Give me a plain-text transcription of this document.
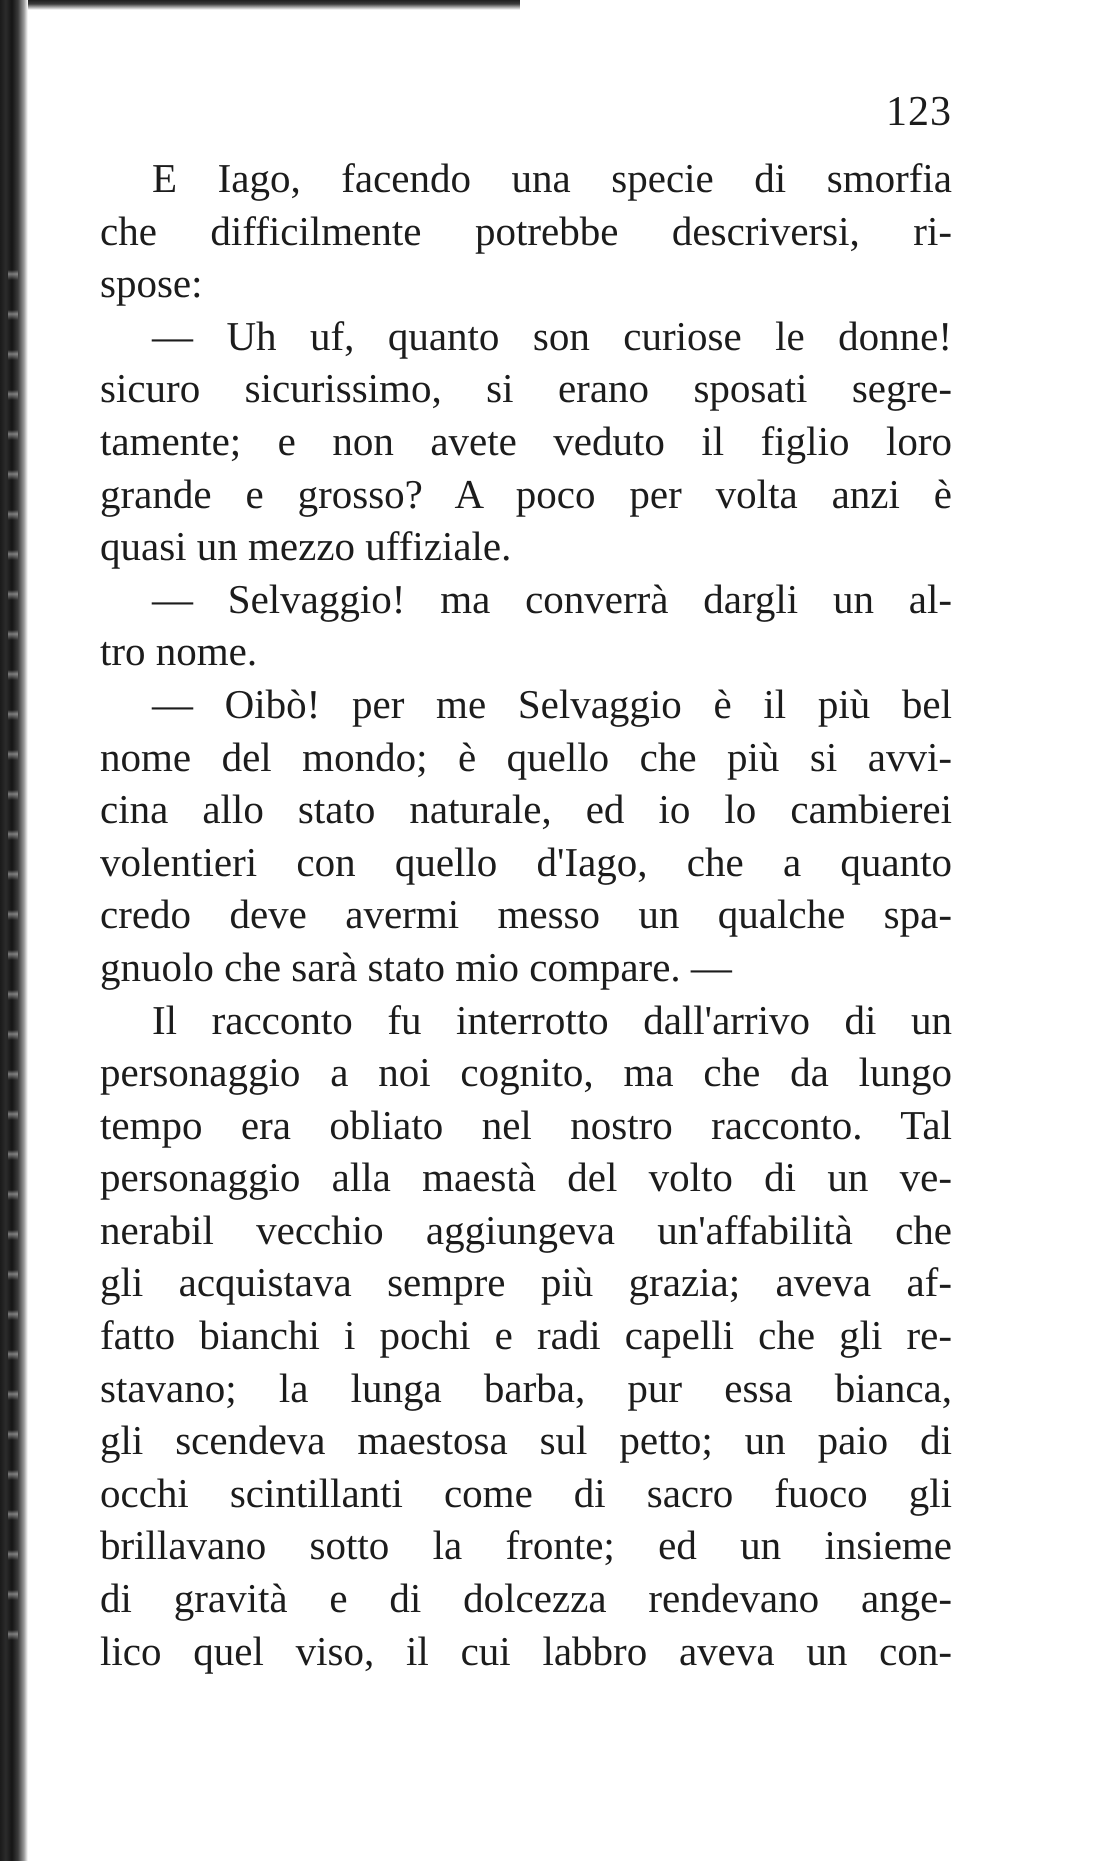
123
E Iago, facendo una specie di smorfia
che difficilmente potrebbe descriversi, ri-
spose:
— Uh uf, quanto son curiose le donne!
sicuro sicurissimo, si erano sposati segre-
tamente; e non avete veduto il figlio loro
grande e grosso? A poco per volta anzi è
quasi un mezzo uffiziale.
— Selvaggio! ma converrà dargli un al-
tro nome.
— Oibò! per me Selvaggio è il più bel
nome del mondo; è quello che più si avvi-
cina allo stato naturale, ed io lo cambierei
volentieri con quello d'Iago, che a quanto
credo deve avermi messo un qualche spa-
gnuolo che sarà stato mio compare. —
Il racconto fu interrotto dall'arrivo di un
personaggio a noi cognito, ma che da lungo
tempo era obliato nel nostro racconto. Tal
personaggio alla maestà del volto di un ve-
nerabil vecchio aggiungeva un'affabilità che
gli acquistava sempre più grazia; aveva af-
fatto bianchi i pochi e radi capelli che gli re-
stavano; la lunga barba, pur essa bianca,
gli scendeva maestosa sul petto; un paio di
occhi scintillanti come di sacro fuoco gli
brillavano sotto la fronte; ed un insieme
di gravità e di dolcezza rendevano ange-
lico quel viso, il cui labbro aveva un con-
